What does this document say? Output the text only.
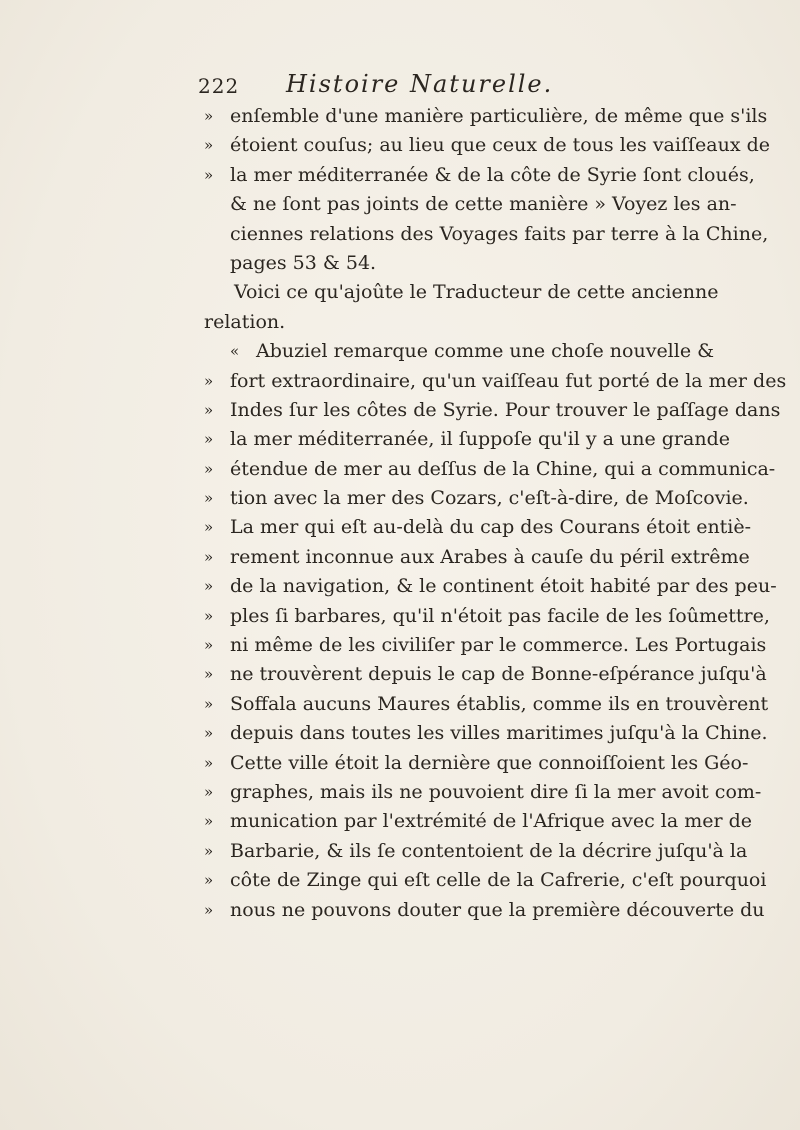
222 Histoire Naturelle.
» enſemble d'une manière particulière, de même que s'ils
» étoient couſus; au lieu que ceux de tous les vaiſſeaux de
» la mer méditerranée & de la côte de Syrie ſont cloués,
& ne ſont pas joints de cette manière » Voyez les an-
ciennes relations des Voyages faits par terre à la Chine,
pages 53 & 54.
Voici ce qu'ajoûte le Traducteur de cette ancienne
relation.
« Abuziel remarque comme une choſe nouvelle &
» fort extraordinaire, qu'un vaiſſeau fut porté de la mer des
» Indes ſur les côtes de Syrie. Pour trouver le paſſage dans
» la mer méditerranée, il ſuppoſe qu'il y a une grande
» étendue de mer au deſſus de la Chine, qui a communica-
» tion avec la mer des Cozars, c'eſt-à-dire, de Moſcovie.
» La mer qui eſt au-delà du cap des Courans étoit entiè-
» rement inconnue aux Arabes à cauſe du péril extrême
» de la navigation, & le continent étoit habité par des peu-
» ples ſi barbares, qu'il n'étoit pas facile de les ſoûmettre,
» ni même de les civiliſer par le commerce. Les Portugais
» ne trouvèrent depuis le cap de Bonne-eſpérance juſqu'à
» Soffala aucuns Maures établis, comme ils en trouvèrent
» depuis dans toutes les villes maritimes juſqu'à la Chine.
» Cette ville étoit la dernière que connoiſſoient les Géo-
» graphes, mais ils ne pouvoient dire ſi la mer avoit com-
» munication par l'extrémité de l'Afrique avec la mer de
» Barbarie, & ils ſe contentoient de la décrire juſqu'à la
» côte de Zinge qui eſt celle de la Cafrerie, c'eſt pourquoi
» nous ne pouvons douter que la première découverte du
